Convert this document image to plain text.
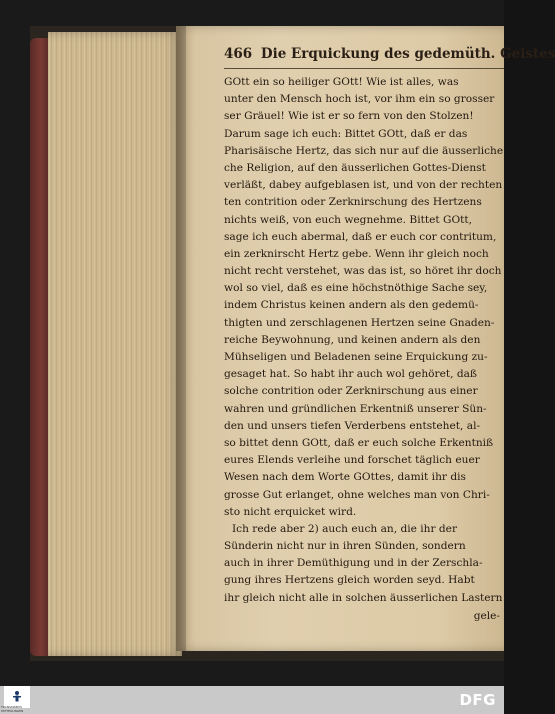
466 Die Erquickung des gedemüth. Geistes
GOtt ein so heiliger GOtt! Wie ist alles, was
unter den Mensch hoch ist, vor ihm ein so grosser
ser Gräuel! Wie ist er so fern von den Stolzen!
Darum sage ich euch: Bittet GOtt, daß er das
Pharisäische Hertz, das sich nur auf die äusserliche
che Religion, auf den äusserlichen Gottes-Dienst
verläßt, dabey aufgeblasen ist, und von der rechten
ten contrition oder Zerknirschung des Hertzens
nichts weiß, von euch wegnehme. Bittet GOtt,
sage ich euch abermal, daß er euch cor contritum,
ein zerknirscht Hertz gebe. Wenn ihr gleich noch
nicht recht verstehet, was das ist, so höret ihr doch
wol so viel, daß es eine höchstnöthige Sache sey,
indem Christus keinen andern als den gedemü-
thigten und zerschlagenen Hertzen seine Gnaden-
reiche Beywohnung, und keinen andern als den
Mühseligen und Beladenen seine Erquickung zu-
gesaget hat. So habt ihr auch wol gehöret, daß
solche contrition oder Zerknirschung aus einer
wahren und gründlichen Erkentniß unserer Sün-
den und unsers tiefen Verderbens entstehet, al-
so bittet denn GOtt, daß er euch solche Erkentniß
eures Elends verleihe und forschet täglich euer
Wesen nach dem Worte GOttes, damit ihr dis
grosse Gut erlanget, ohne welches man von Chri-
sto nicht erquicket wird.
Ich rede aber 2) auch euch an, die ihr der
Sünderin nicht nur in ihren Sünden, sondern
auch in ihrer Demüthigung und in der Zerschla-
gung ihres Hertzens gleich worden seyd. Habt
ihr gleich nicht alle in solchen äusserlichen Lastern
gele-
TRANSKRIBUS MITTEILUNGEN
DFG
